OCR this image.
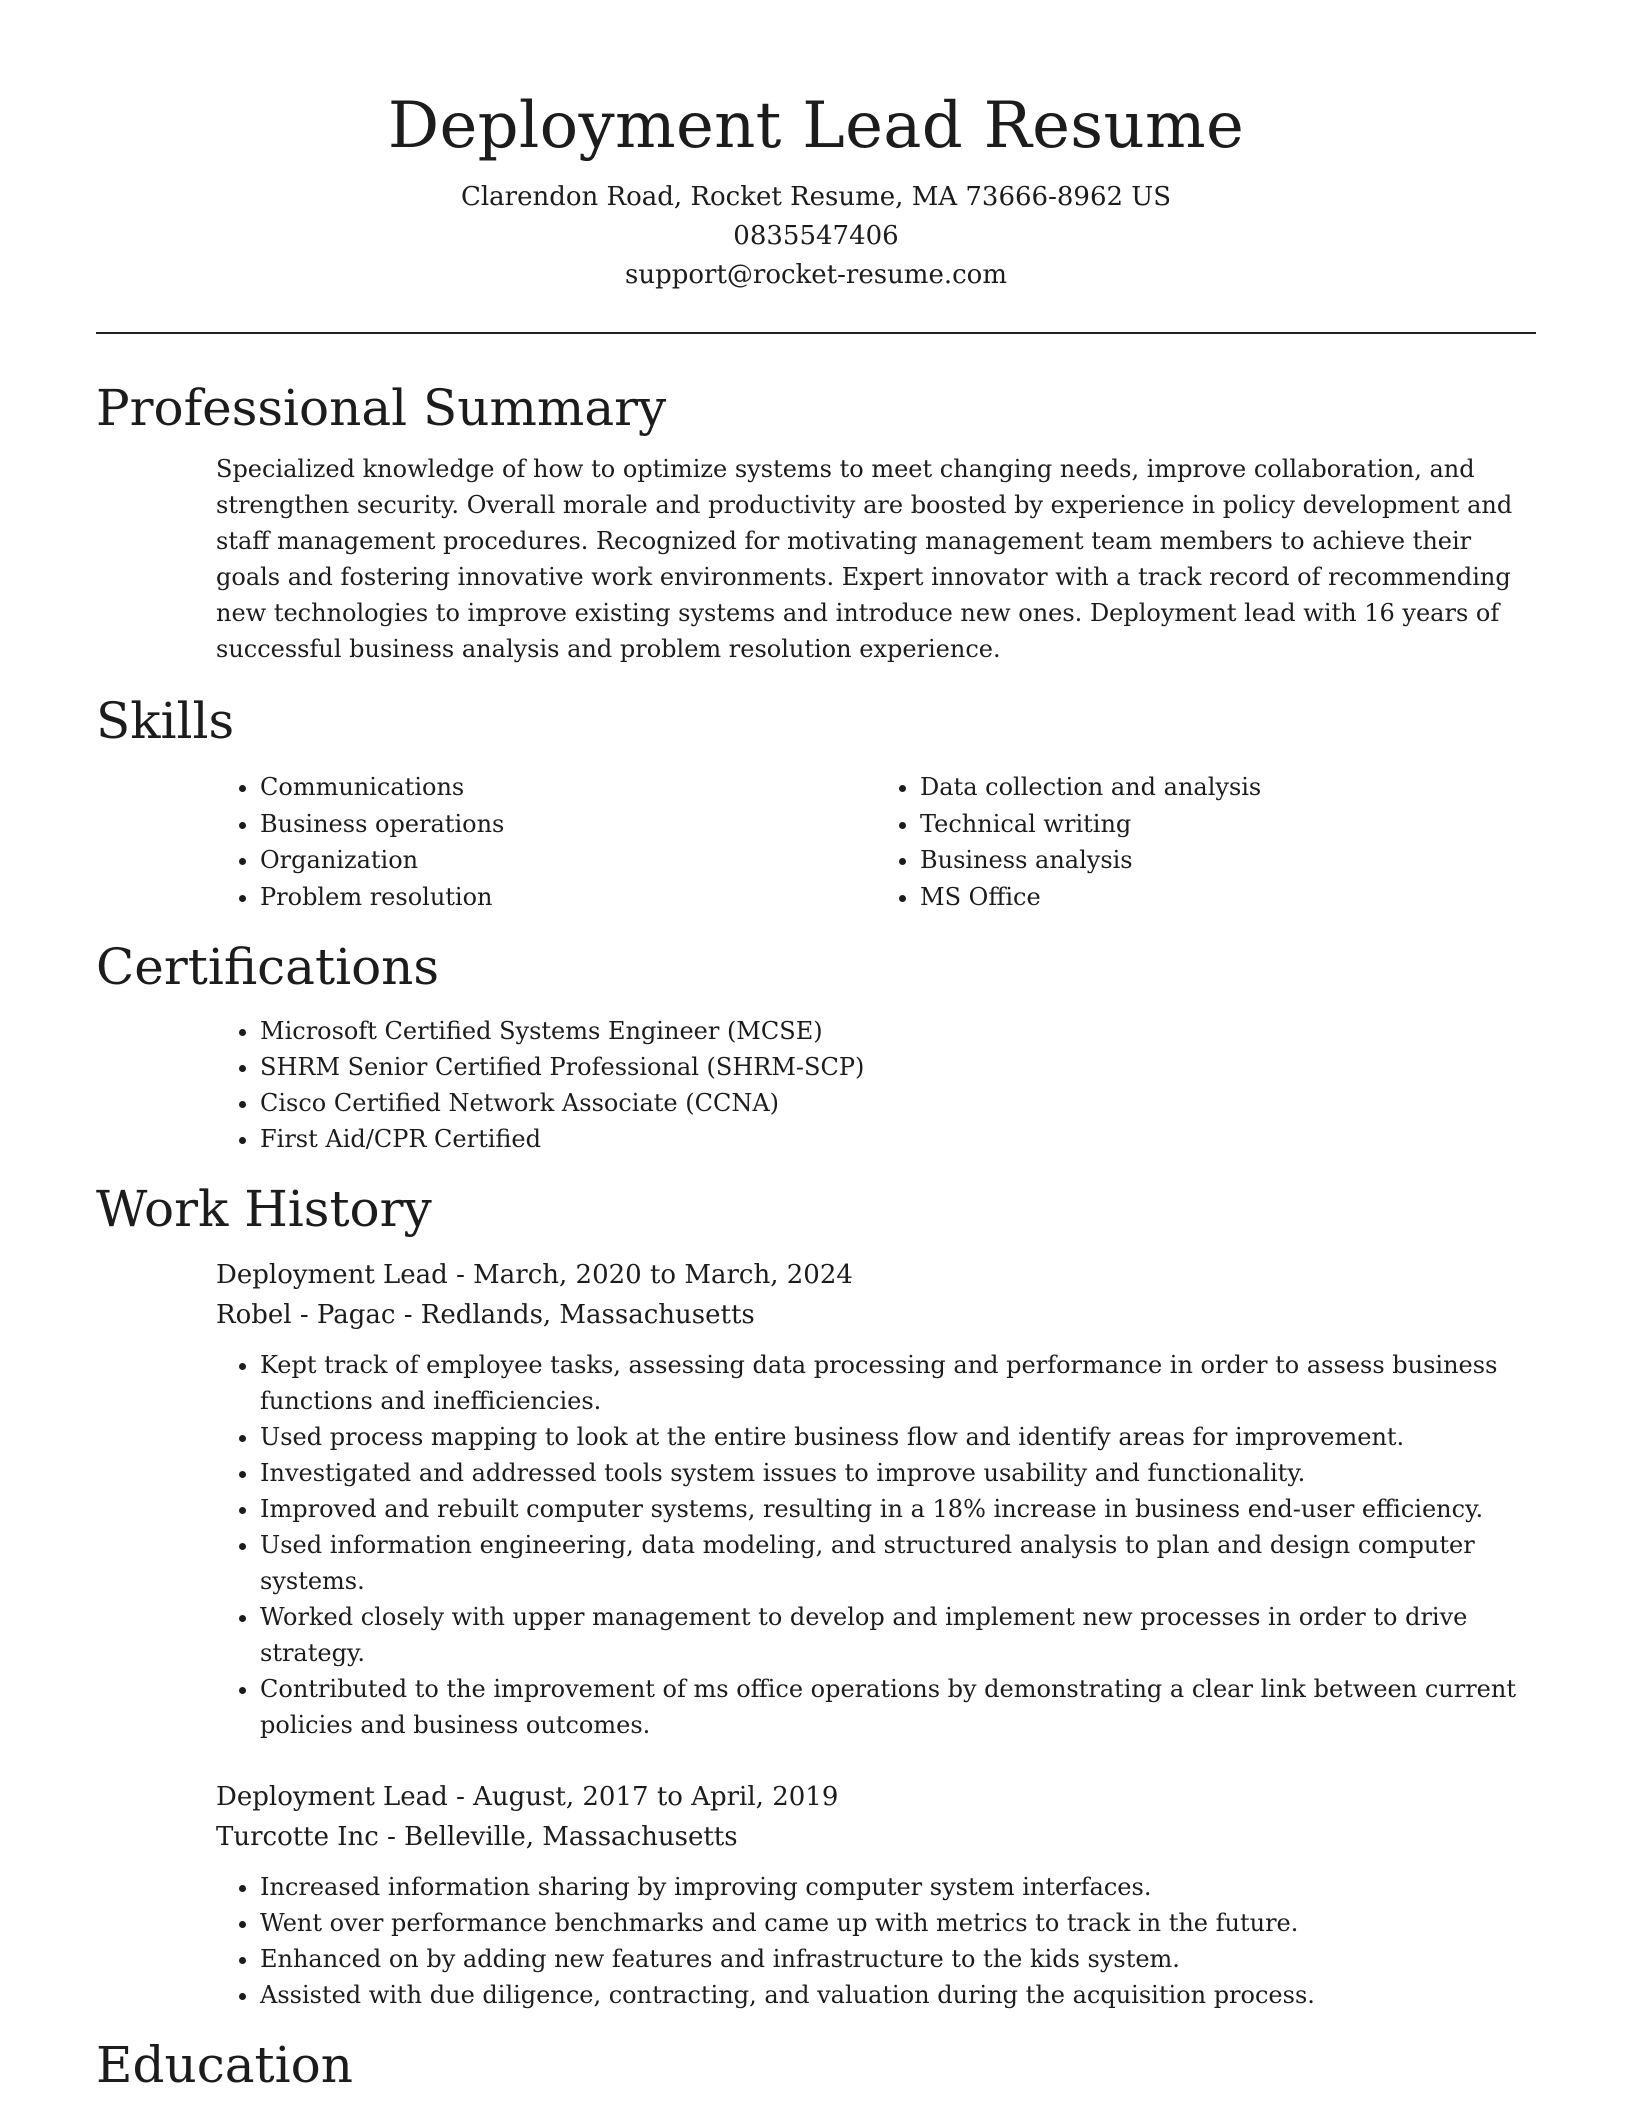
Deployment Lead Resume
Clarendon Road, Rocket Resume, MA 73666-8962 US
0835547406
support@rocket-resume.com
Professional Summary

Specialized knowledge of how to optimize systems to meet changing needs, improve collaboration, and strengthen security. Overall morale and productivity are boosted by experience in policy development and staff management procedures. Recognized for motivating management team members to achieve their goals and fostering innovative work environments. Expert innovator with a track record of recommending new technologies to improve existing systems and introduce new ones. Deployment lead with 16 years of successful business analysis and problem resolution experience.

Skills
• Communications
• Business operations
• Organization
• Problem resolution
• Data collection and analysis
• Technical writing
• Business analysis
• MS Office
Certifications
• Microsoft Certified Systems Engineer (MCSE)
• SHRM Senior Certified Professional (SHRM-SCP)
• Cisco Certified Network Associate (CCNA)
• First Aid/CPR Certified
Work History
Deployment Lead - March, 2020 to March, 2024
Robel - Pagac - Redlands, Massachusetts
• Kept track of employee tasks, assessing data processing and performance in order to assess business functions and inefficiencies.
• Used process mapping to look at the entire business flow and identify areas for improvement.
• Investigated and addressed tools system issues to improve usability and functionality.
• Improved and rebuilt computer systems, resulting in a 18% increase in business end-user efficiency.
• Used information engineering, data modeling, and structured analysis to plan and design computer systems.
• Worked closely with upper management to develop and implement new processes in order to drive strategy.
• Contributed to the improvement of ms office operations by demonstrating a clear link between current policies and business outcomes.
Deployment Lead - August, 2017 to April, 2019
Turcotte Inc - Belleville, Massachusetts
• Increased information sharing by improving computer system interfaces.
• Went over performance benchmarks and came up with metrics to track in the future.
• Enhanced on by adding new features and infrastructure to the kids system.
• Assisted with due diligence, contracting, and valuation during the acquisition process.
Education
